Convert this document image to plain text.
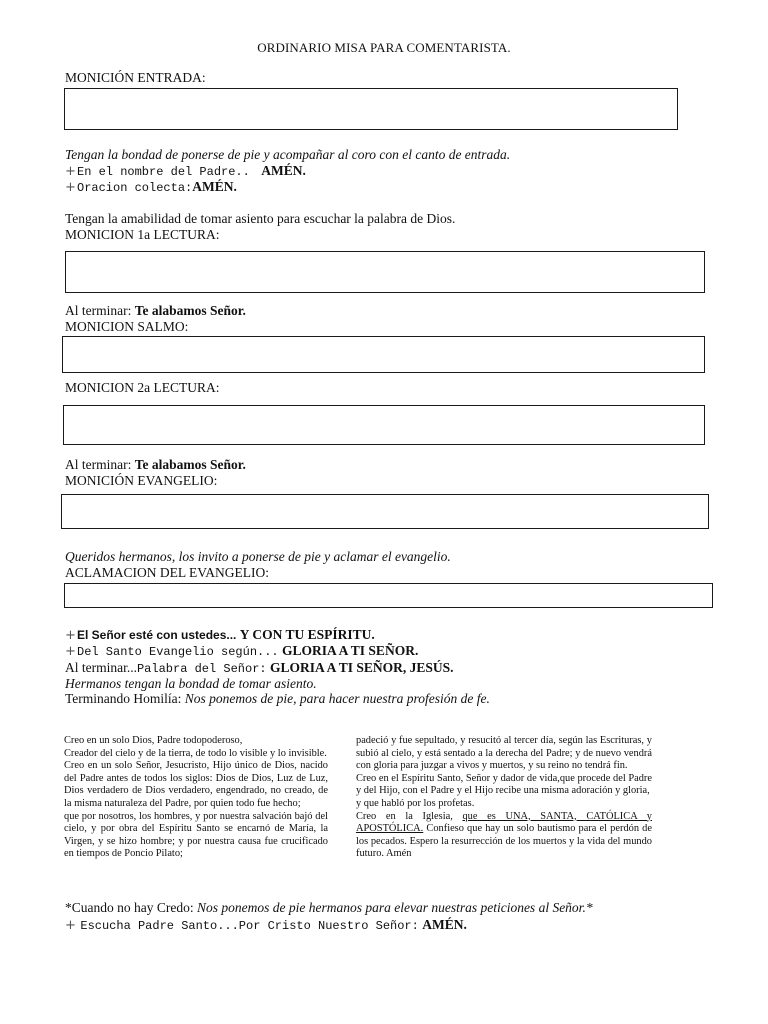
ORDINARIO MISA PARA COMENTARISTA.
MONICIÓN ENTRADA:
Tengan la bondad de ponerse de pie y acompañar al coro con el canto de entrada.
+En el nombre del Padre.. AMÉN.
+Oracion colecta:AMÉN.
Tengan la amabilidad de tomar asiento para escuchar la palabra de Dios.
MONICION 1a LECTURA:
Al terminar: Te alabamos Señor.
MONICION SALMO:
MONICION 2a LECTURA:
Al terminar: Te alabamos Señor.
MONICIÓN EVANGELIO:
Queridos hermanos, los invito a ponerse de pie y aclamar el evangelio.
ACLAMACION DEL EVANGELIO:
+El Señor esté con ustedes... Y CON TU ESPÍRITU.
+Del Santo Evangelio según... GLORIA A TI SEÑOR.
Al terminar...Palabra del Señor: GLORIA A TI SEÑOR, JESÚS.
Hermanos tengan la bondad de tomar asiento.
Terminando Homilía: Nos ponemos de pie, para hacer nuestra profesión de fe.

Creo en un solo Dios, Padre todopoderoso,

Creador del cielo y de la tierra, de todo lo visible y lo invisible.

Creo en un solo Señor, Jesucristo, Hijo único de Dios, nacido del Padre antes de todos los siglos: Dios de Dios, Luz de Luz, Dios verdadero de Dios verdadero, engendrado, no creado, de la misma naturaleza del Padre, por quien todo fue hecho;

que por nosotros, los hombres, y por nuestra salvación bajó del cielo, y por obra del Espíritu Santo se encarnó de María, la Virgen, y se hizo hombre; y por nuestra causa fue crucificado en tiempos de Poncio Pilato;

padeció y fue sepultado, y resucitó al tercer día, según las Escrituras, y subió al cielo, y está sentado a la derecha del Padre; y de nuevo vendrá con gloria para juzgar a vivos y muertos, y su reino no tendrá fin.

Creo en el Espíritu Santo, Señor y dador de vida,que procede del Padre y del Hijo, con el Padre y el Hijo recibe una misma adoración y gloria,

y que habló por los profetas.

Creo en la Iglesia, que es UNA, SANTA, CATÓLICA y APOSTÓLICA. Confieso que hay un solo bautismo para el perdón de los pecados. Espero la resurrección de los muertos y la vida del mundo futuro. Amén

*Cuando no hay Credo: Nos ponemos de pie hermanos para elevar nuestras peticiones al Señor.*
+ Escucha Padre Santo...Por Cristo Nuestro Señor: AMÉN.
